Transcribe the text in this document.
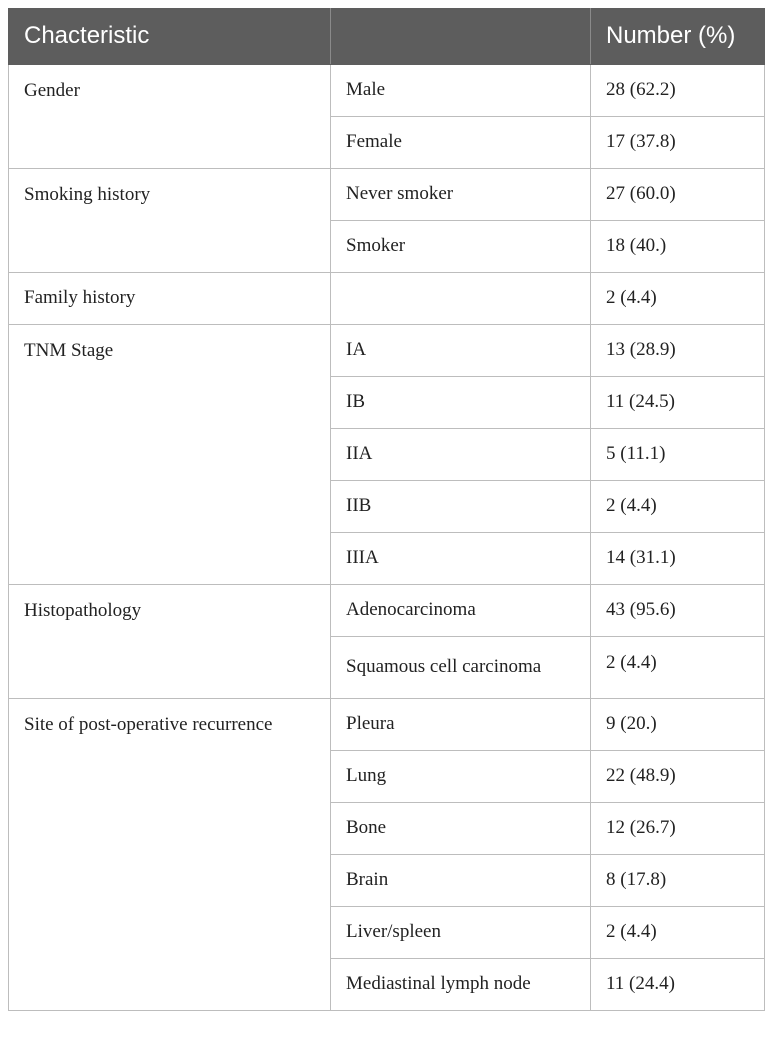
Chacteristic		Number (%)
Gender	Male	28 (62.2)
	Female	17 (37.8)
Smoking history	Never smoker	27 (60.0)
	Smoker	18 (40.)
Family history		2 (4.4)
TNM Stage	IA	13 (28.9)
	IB	11 (24.5)
	IIA	5 (11.1)
	IIB	2 (4.4)
	IIIA	14 (31.1)
Histopathology	Adenocarcinoma	43 (95.6)
	Squamous cell carcinoma	2 (4.4)
Site of post-operative recurrence	Pleura	9 (20.)
	Lung	22 (48.9)
	Bone	12 (26.7)
	Brain	8 (17.8)
	Liver/spleen	2 (4.4)
	Mediastinal lymph node	11 (24.4)
